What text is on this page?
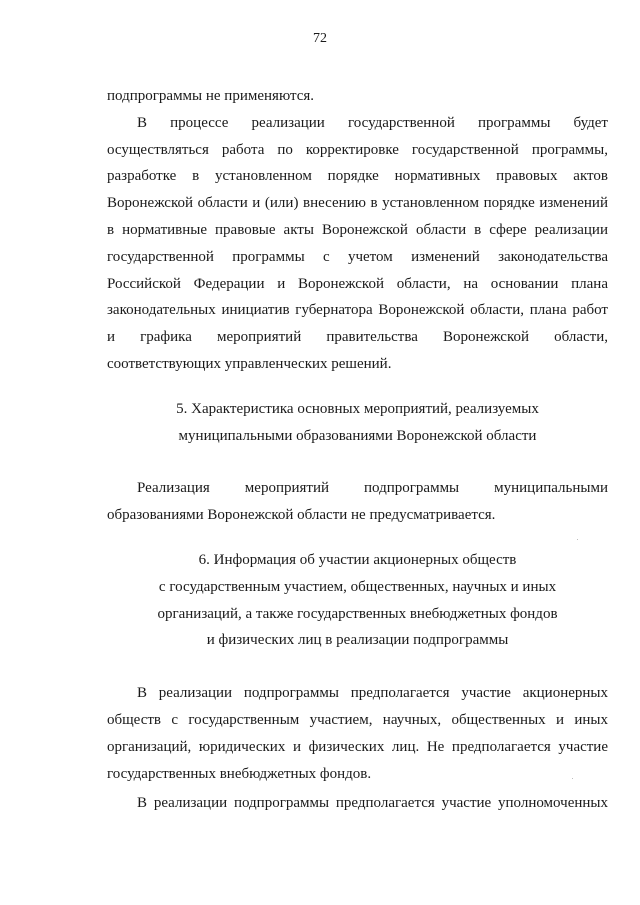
72

подпрограммы не применяются.

В процессе реализации государственной программы будет
осуществляться работа по корректировке государственной программы,
разработке в установленном порядке нормативных правовых актов
Воронежской области и (или) внесению в установленном порядке изменений
в нормативные правовые акты Воронежской области в сфере реализации
государственной программы с учетом изменений законодательства
Российской Федерации и Воронежской области, на основании плана
законодательных инициатив губернатора Воронежской области, плана работ
и графика мероприятий правительства Воронежской области,
соответствующих управленческих решений.

5. Характеристика основных мероприятий, реализуемых
муниципальными образованиями Воронежской области

Реализация мероприятий подпрограммы муниципальными
образованиями Воронежской области не предусматривается.

6. Информация об участии акционерных обществ
с государственным участием, общественных, научных и иных
организаций, а также государственных внебюджетных фондов
и физических лиц в реализации подпрограммы

В реализации подпрограммы предполагается участие акционерных
обществ с государственным участием, научных, общественных и иных
организаций, юридических и физических лиц. Не предполагается участие
государственных внебюджетных фондов.

В реализации подпрограммы предполагается участие уполномоченных
